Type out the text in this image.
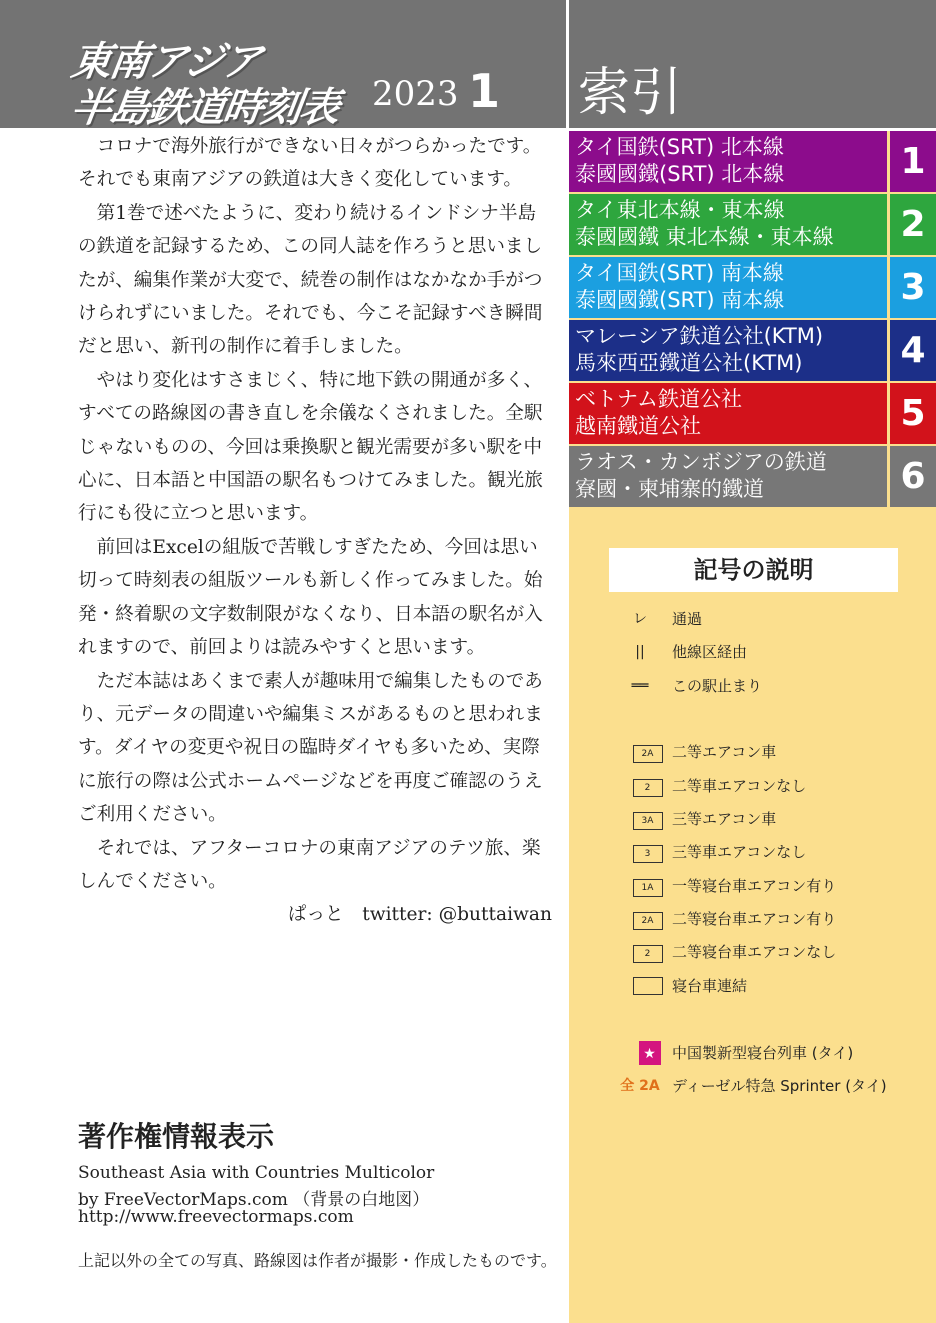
東南アジア
半島鉄道時刻表 2023 1 索引
タイ国鉄(SRT) 北本線
泰國國鐵(SRT) 北本線	1
タイ東北本線・東本線
泰國國鐵 東北本線・東本線	2
タイ国鉄(SRT) 南本線
泰國國鐵(SRT) 南本線	3
マレーシア鉄道公社(KTM)
馬來西亞鐵道公社(KTM)	4
ベトナム鉄道公社
越南鐵道公社	5
ラオス・カンボジアの鉄道
寮國・柬埔寨的鐵道	6

コロナで海外旅行ができない日々がつらかったです。それでも東南アジアの鉄道は大きく変化しています。

第1巻で述べたように、変わり続けるインドシナ半島の鉄道を記録するため、この同人誌を作ろうと思いましたが、編集作業が大変で、続巻の制作はなかなか手がつけられずにいました。それでも、今こそ記録すべき瞬間だと思い、新刊の制作に着手しました。

やはり変化はすさまじく、特に地下鉄の開通が多く、すべての路線図の書き直しを余儀なくされました。全駅じゃないものの、今回は乗換駅と観光需要が多い駅を中心に、日本語と中国語の駅名もつけてみました。観光旅行にも役に立つと思います。

前回はExcelの組版で苦戦しすぎたため、今回は思い切って時刻表の組版ツールも新しく作ってみました。始発・終着駅の文字数制限がなくなり、日本語の駅名が入れますので、前回よりは読みやすくと思います。

ただ本誌はあくまで素人が趣味用で編集したものであり、元データの間違いや編集ミスがあるものと思われます。ダイヤの変更や祝日の臨時ダイヤも多いため、実際に旅行の際は公式ホームページなどを再度ご確認のうえご利用ください。

それでは、アフターコロナの東南アジアのテツ旅、楽しんでください。

ぱっと　twitter: @buttaiwan
記号の説明
レ	通過
||	他線区経由
══	この駅止まり
2A	二等エアコン車
2	二等車エアコンなし
3A	三等エアコン車
3	三等車エアコンなし
1A	一等寝台車エアコン有り
2A	二等寝台車エアコン有り
2	二等寝台車エアコンなし
寝台車連結
★	中国製新型寝台列車 (タイ)
全 2A ディーゼル特急 Sprinter (タイ)
著作権情報表示
Southeast Asia with Countries Multicolor
by FreeVectorMaps.com （背景の白地図）
http://www.freevectormaps.com
上記以外の全ての写真、路線図は作者が撮影・作成したものです。
